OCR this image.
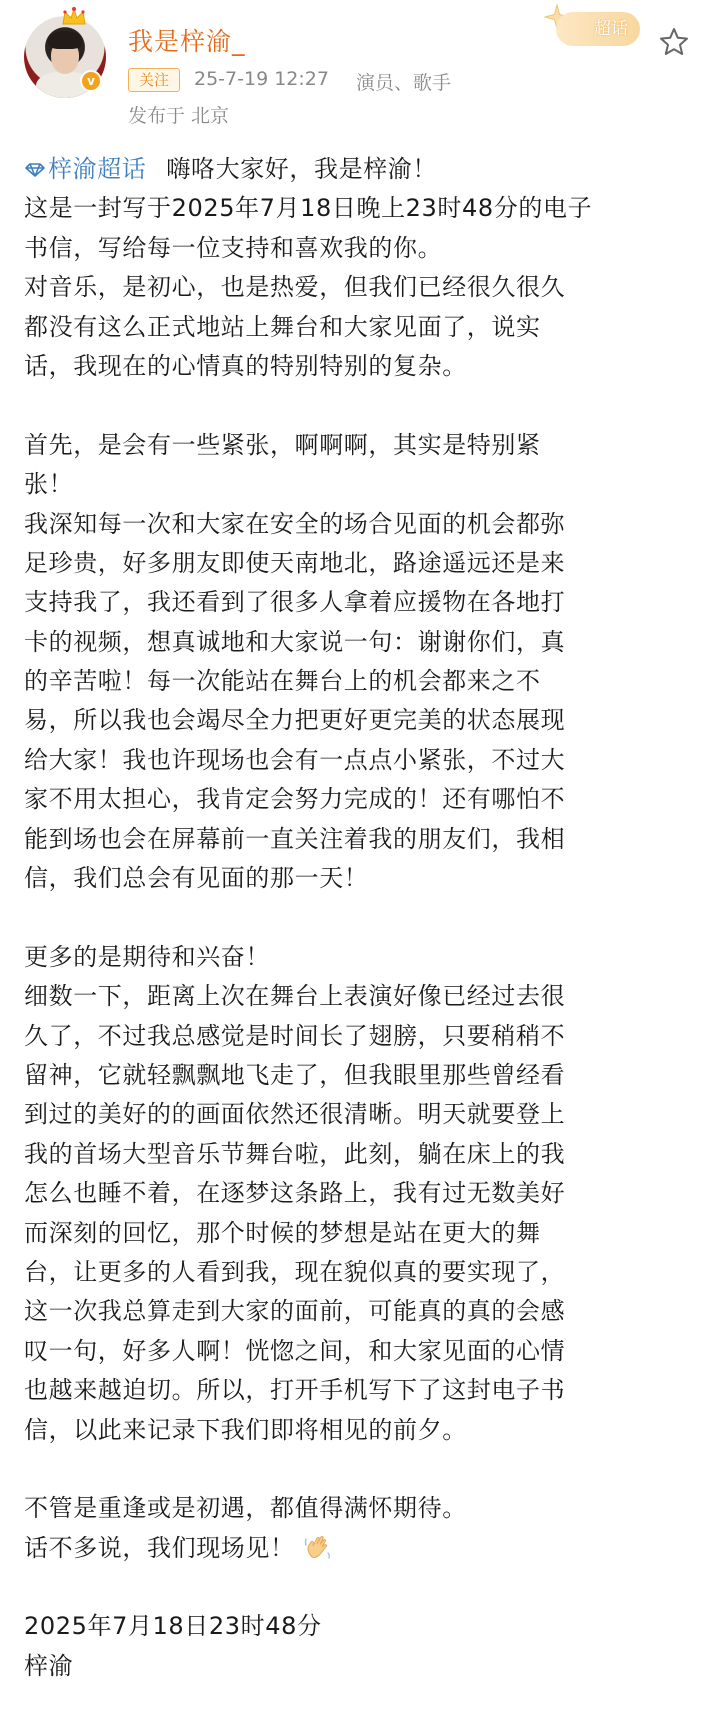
v
我是梓渝_
关注	25-7-19 12:27 演员、歌手
发布于 北京
超话
梓渝超话 嗨咯大家好，我是梓渝！
这是一封写于2025年7月18日晚上23时48分的电子
书信，写给每一位支持和喜欢我的你。
对音乐，是初心，也是热爱，但我们已经很久很久
都没有这么正式地站上舞台和大家见面了，说实
话，我现在的心情真的特别特别的复杂。
首先，是会有一些紧张，啊啊啊，其实是特别紧
张！
我深知每一次和大家在安全的场合见面的机会都弥
足珍贵，好多朋友即使天南地北，路途遥远还是来
支持我了，我还看到了很多人拿着应援物在各地打
卡的视频，想真诚地和大家说一句：谢谢你们，真
的辛苦啦！每一次能站在舞台上的机会都来之不
易，所以我也会竭尽全力把更好更完美的状态展现
给大家！我也许现场也会有一点点小紧张，不过大
家不用太担心，我肯定会努力完成的！还有哪怕不
能到场也会在屏幕前一直关注着我的朋友们，我相
信，我们总会有见面的那一天！
更多的是期待和兴奋！
细数一下，距离上次在舞台上表演好像已经过去很
久了，不过我总感觉是时间长了翅膀，只要稍稍不
留神，它就轻飘飘地飞走了，但我眼里那些曾经看
到过的美好的的画面依然还很清晰。明天就要登上
我的首场大型音乐节舞台啦，此刻，躺在床上的我
怎么也睡不着，在逐梦这条路上，我有过无数美好
而深刻的回忆，那个时候的梦想是站在更大的舞
台，让更多的人看到我，现在貌似真的要实现了，
这一次我总算走到大家的面前，可能真的真的会感
叹一句，好多人啊！恍惚之间，和大家见面的心情
也越来越迫切。所以，打开手机写下了这封电子书
信，以此来记录下我们即将相见的前夕。
不管是重逢或是初遇，都值得满怀期待。
话不多说，我们现场见！
2025年7月18日23时48分
梓渝
